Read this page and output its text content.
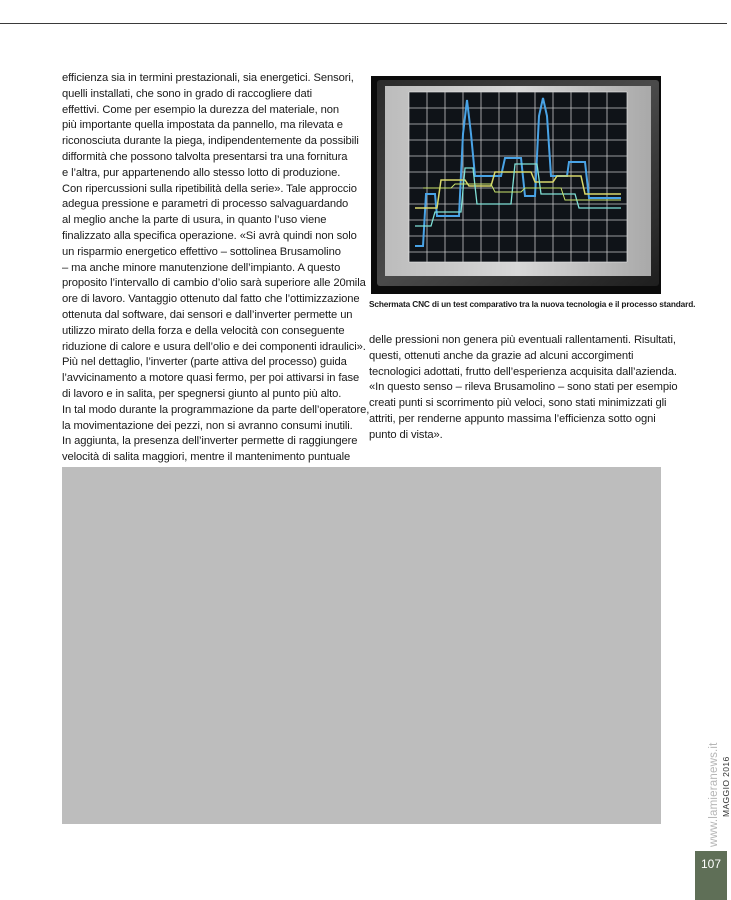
efficienza sia in termini prestazionali, sia energetici. Sensori,

quelli installati, che sono in grado di raccogliere dati

effettivi. Come per esempio la durezza del materiale, non

più importante quella impostata da pannello, ma rilevata e

riconosciuta durante la piega, indipendentemente da possibili

difformità che possono talvolta presentarsi tra una fornitura

e l’altra, pur appartenendo allo stesso lotto di produzione.

Con ripercussioni sulla ripetibilità della serie». Tale approccio

adegua pressione e parametri di processo salvaguardando

al meglio anche la parte di usura, in quanto l’uso viene

finalizzato alla specifica operazione. «Si avrà quindi non solo

un risparmio energetico effettivo – sottolinea Brusamolino

– ma anche minore manutenzione dell’impianto. A questo

proposito l’intervallo di cambio d’olio sarà superiore alle 20mila

ore di lavoro. Vantaggio ottenuto dal fatto che l’ottimizzazione

ottenuta dal software, dai sensori e dall’inverter permette un

utilizzo mirato della forza e della velocità con conseguente

riduzione di calore e usura dell’olio e dei componenti idraulici».

Più nel dettaglio, l’inverter (parte attiva del processo) guida

l’avvicinamento a motore quasi fermo, per poi attivarsi in fase

di lavoro e in salita, per spegnersi giunto al punto più alto.

In tal modo durante la programmazione da parte dell’operatore,

la movimentazione dei pezzi, non si avranno consumi inutili.

In aggiunta, la presenza dell’inverter permette di raggiungere

velocità di salita maggiori, mentre il mantenimento puntuale

Schermata CNC di un test comparativo tra la nuova tecnologia e il processo standard.

delle pressioni non genera più eventuali rallentamenti. Risultati,

questi, ottenuti anche da grazie ad alcuni accorgimenti

tecnologici adottati, frutto dell’esperienza acquisita dall’azienda.

«In questo senso – rileva Brusamolino – sono stati per esempio

creati punti si scorrimento più veloci, sono stati minimizzati gli

attriti, per renderne appunto massima l’efficienza sotto ogni

punto di vista».

www.lamieranews.it MAGGIO 2016
107
